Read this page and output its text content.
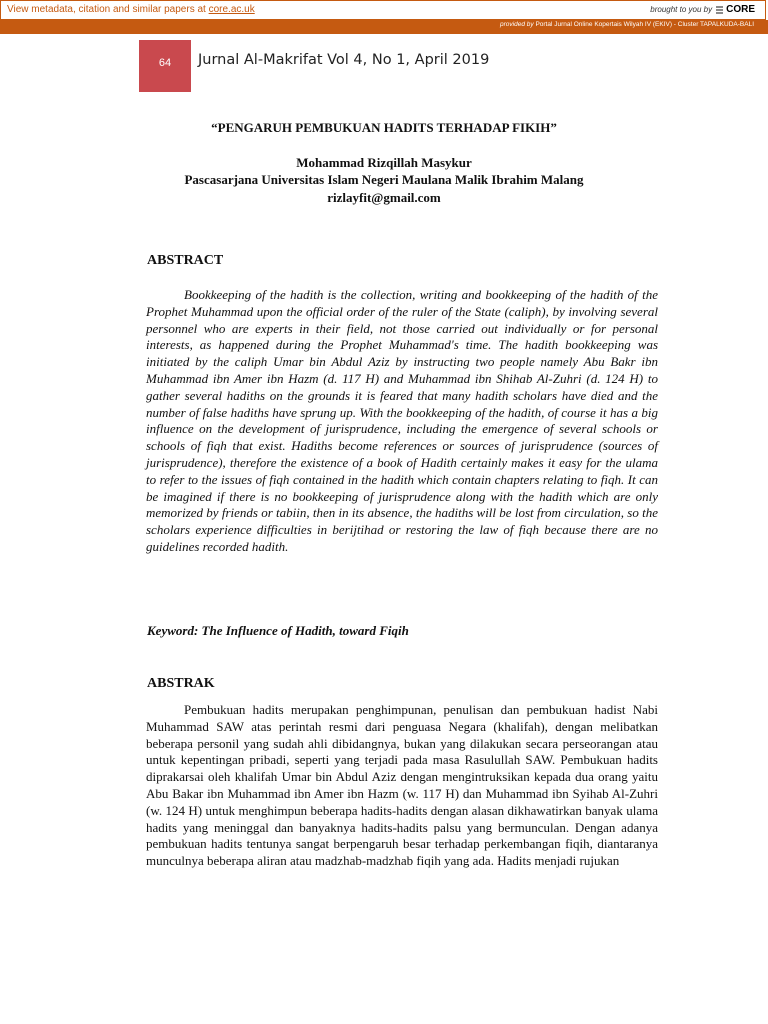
View metadata, citation and similar papers at core.ac.uk	brought to you by CORE
provided by Portal Jurnal Online Kopertais Wilyah IV (EKIV) - Cluster TAPALKUDA-BALI
64	Jurnal Al-Makrifat Vol 4, No 1, April 2019
“PENGARUH PEMBUKUAN HADITS TERHADAP FIKIH”
Mohammad Rizqillah Masykur
Pascasarjana Universitas Islam Negeri Maulana Malik Ibrahim Malang
rizlayfit@gmail.com
ABSTRACT

Bookkeeping of the hadith is the collection, writing and bookkeeping of the hadith of the Prophet Muhammad upon the official order of the ruler of the State (caliph), by involving several personnel who are experts in their field, not those carried out individually or for personal interests, as happened during the Prophet Muhammad's time. The hadith bookkeeping was initiated by the caliph Umar bin Abdul Aziz by instructing two people namely Abu Bakr ibn Muhammad ibn Amer ibn Hazm (d. 117 H) and Muhammad ibn Shihab Al-Zuhri (d. 124 H) to gather several hadiths on the grounds it is feared that many hadith scholars have died and the number of false hadiths have sprung up. With the bookkeeping of the hadith, of course it has a big influence on the development of jurisprudence, including the emergence of several schools or schools of fiqh that exist. Hadiths become references or sources of jurisprudence (sources of jurisprudence), therefore the existence of a book of Hadith certainly makes it easy for the ulama to refer to the issues of fiqh contained in the hadith which contain chapters relating to fiqh. It can be imagined if there is no bookkeeping of jurisprudence along with the hadith which are only memorized by friends or tabiin, then in its absence, the hadiths will be lost from circulation, so the scholars experience difficulties in berijtihad or restoring the law of fiqh because there are no guidelines recorded hadith.

Keyword: The Influence of Hadith, toward Fiqih
ABSTRAK

Pembukuan hadits merupakan penghimpunan, penulisan dan pembukuan hadist Nabi Muhammad SAW atas perintah resmi dari penguasa Negara (khalifah), dengan melibatkan beberapa personil yang sudah ahli dibidangnya, bukan yang dilakukan secara perseorangan atau untuk kepentingan pribadi, seperti yang terjadi pada masa Rasulullah SAW. Pembukuan hadits diprakarsai oleh khalifah Umar bin Abdul Aziz dengan mengintruksikan kepada dua orang yaitu Abu Bakar ibn Muhammad ibn Amer ibn Hazm (w. 117 H) dan Muhammad ibn Syihab Al-Zuhri (w. 124 H) untuk menghimpun beberapa hadits-hadits dengan alasan dikhawatirkan banyak ulama hadits yang meninggal dan banyaknya hadits-hadits palsu yang bermunculan. Dengan adanya pembukuan hadits tentunya sangat berpengaruh besar terhadap perkembangan fiqih, diantaranya munculnya beberapa aliran atau madzhab-madzhab fiqih yang ada. Hadits menjadi rujukan
